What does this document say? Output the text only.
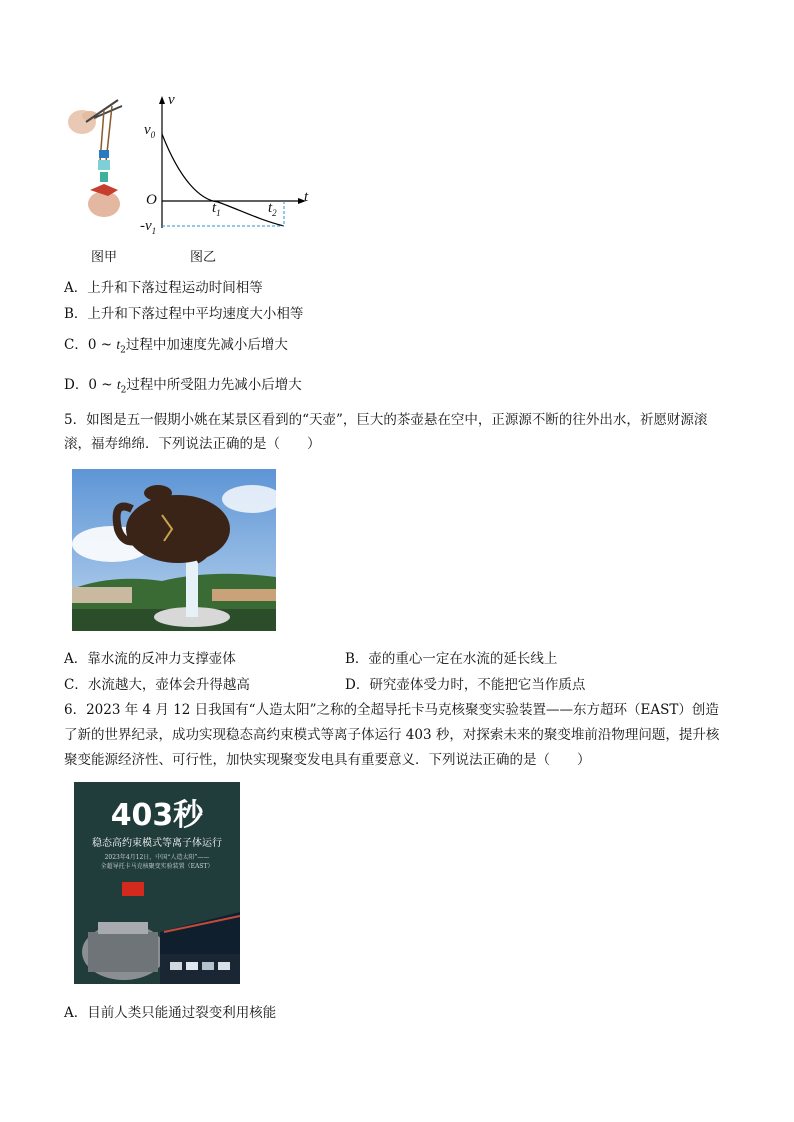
图甲
v
t
$v_0$
O	$t_1$	$t_2$
$-v_1$
图乙
A．上升和下落过程运动时间相等
B．上升和下落过程中平均速度大小相等
C．0 ~ $t_2$过程中加速度先减小后增大
D．0 ~ $t_2$过程中所受阻力先减小后增大
5．如图是五一假期小姚在某景区看到的“天壶”，巨大的茶壶悬在空中，正源源不断的往外出水，祈愿财源滚
滚，福寿绵绵．下列说法正确的是（　　）
A．靠水流的反冲力支撑壶体	B．壶的重心一定在水流的延长线上
C．水流越大，壶体会升得越高	D．研究壶体受力时，不能把它当作质点
6．2023 年 4 月 12 日我国有“人造太阳”之称的全超导托卡马克核聚变实验装置——东方超环（EAST）创造
了新的世界纪录，成功实现稳态高约束模式等离子体运行 403 秒，对探索未来的聚变堆前沿物理问题，提升核
聚变能源经济性、可行性，加快实现聚变发电具有重要意义．下列说法正确的是（　　）
403秒
稳态高约束模式等离子体运行
2023年4月12日，中国“人造太阳”——
全超导托卡马克核聚变实验装置（EAST）
A．目前人类只能通过裂变利用核能
